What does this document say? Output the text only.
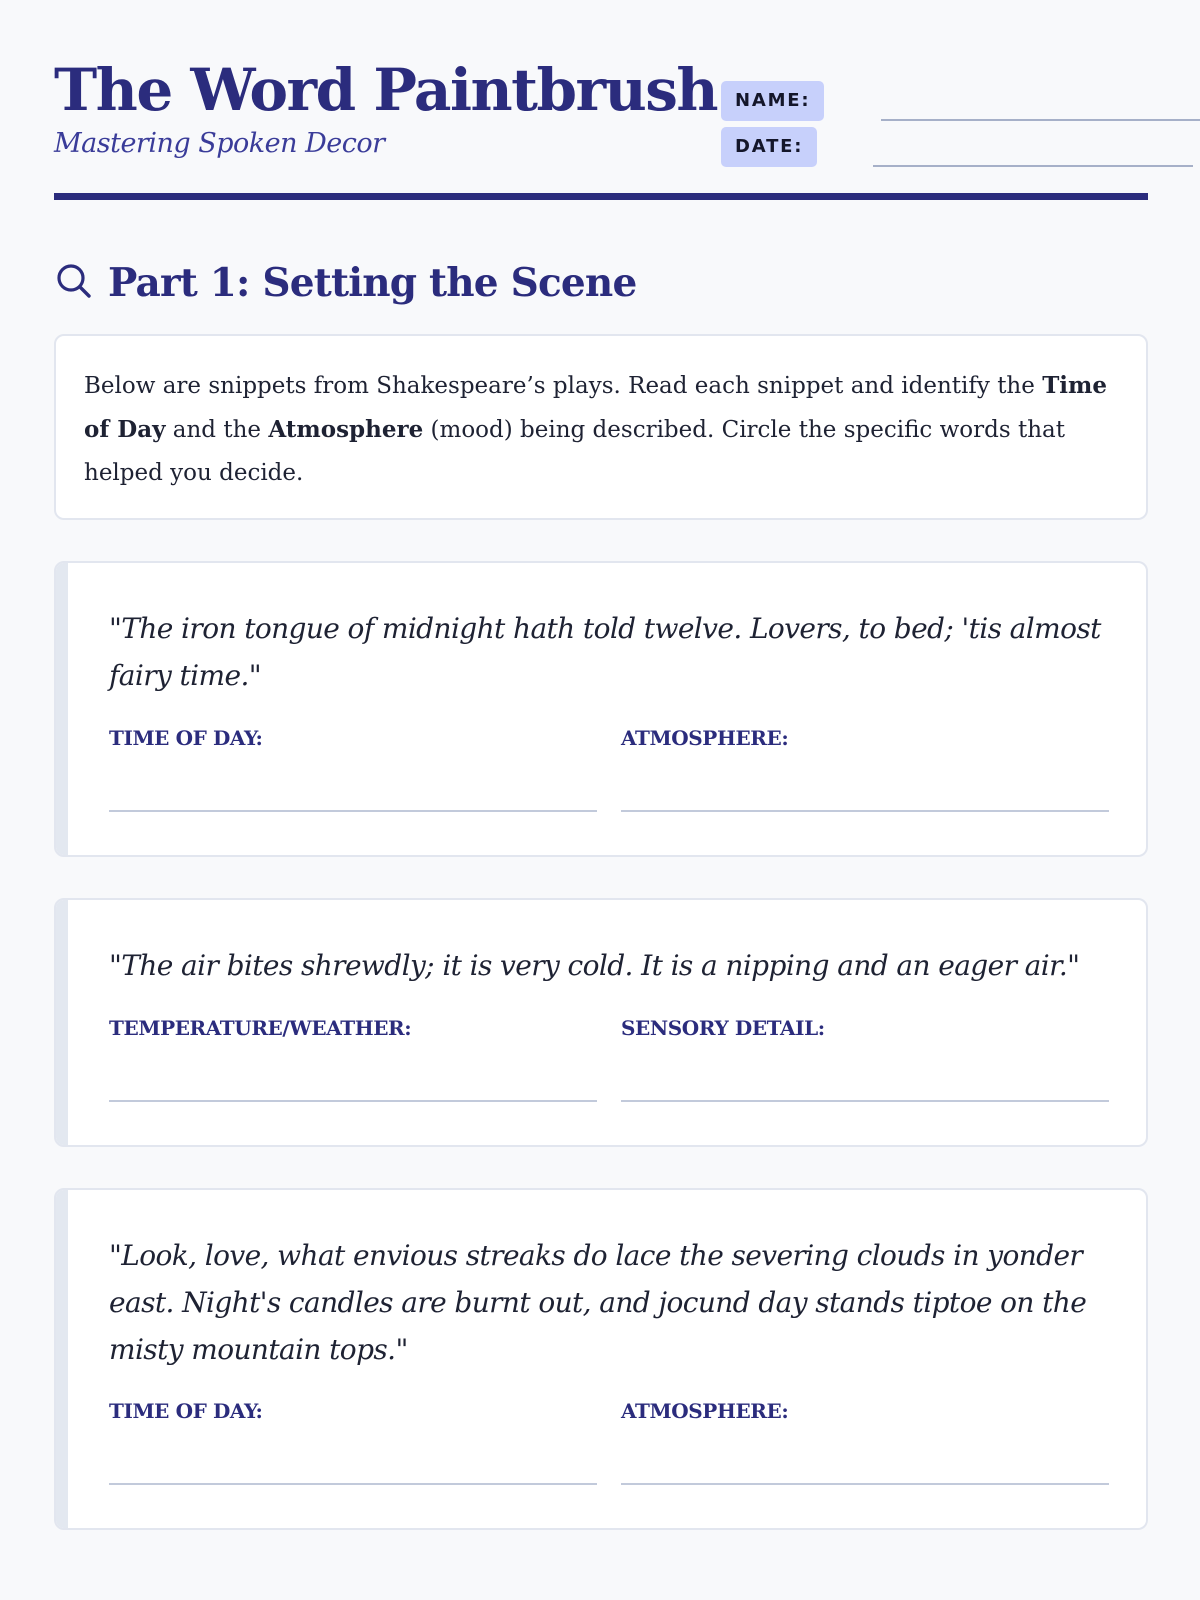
The Word Paintbrush
Mastering Spoken Decor
NAME:
DATE:
Part 1: Setting the Scene
Below are snippets from Shakespeare’s plays. Read each snippet and identify the Time of Day and the Atmosphere (mood) being described. Circle the specific words that helped you decide.
"The iron tongue of midnight hath told twelve. Lovers, to bed; 'tis almost fairy time."
TIME OF DAY:	ATMOSPHERE:
"The air bites shrewdly; it is very cold. It is a nipping and an eager air."
TEMPERATURE/WEATHER:	SENSORY DETAIL:
"Look, love, what envious streaks do lace the severing clouds in yonder east. Night's candles are burnt out, and jocund day stands tiptoe on the misty mountain tops."
TIME OF DAY:	ATMOSPHERE:
